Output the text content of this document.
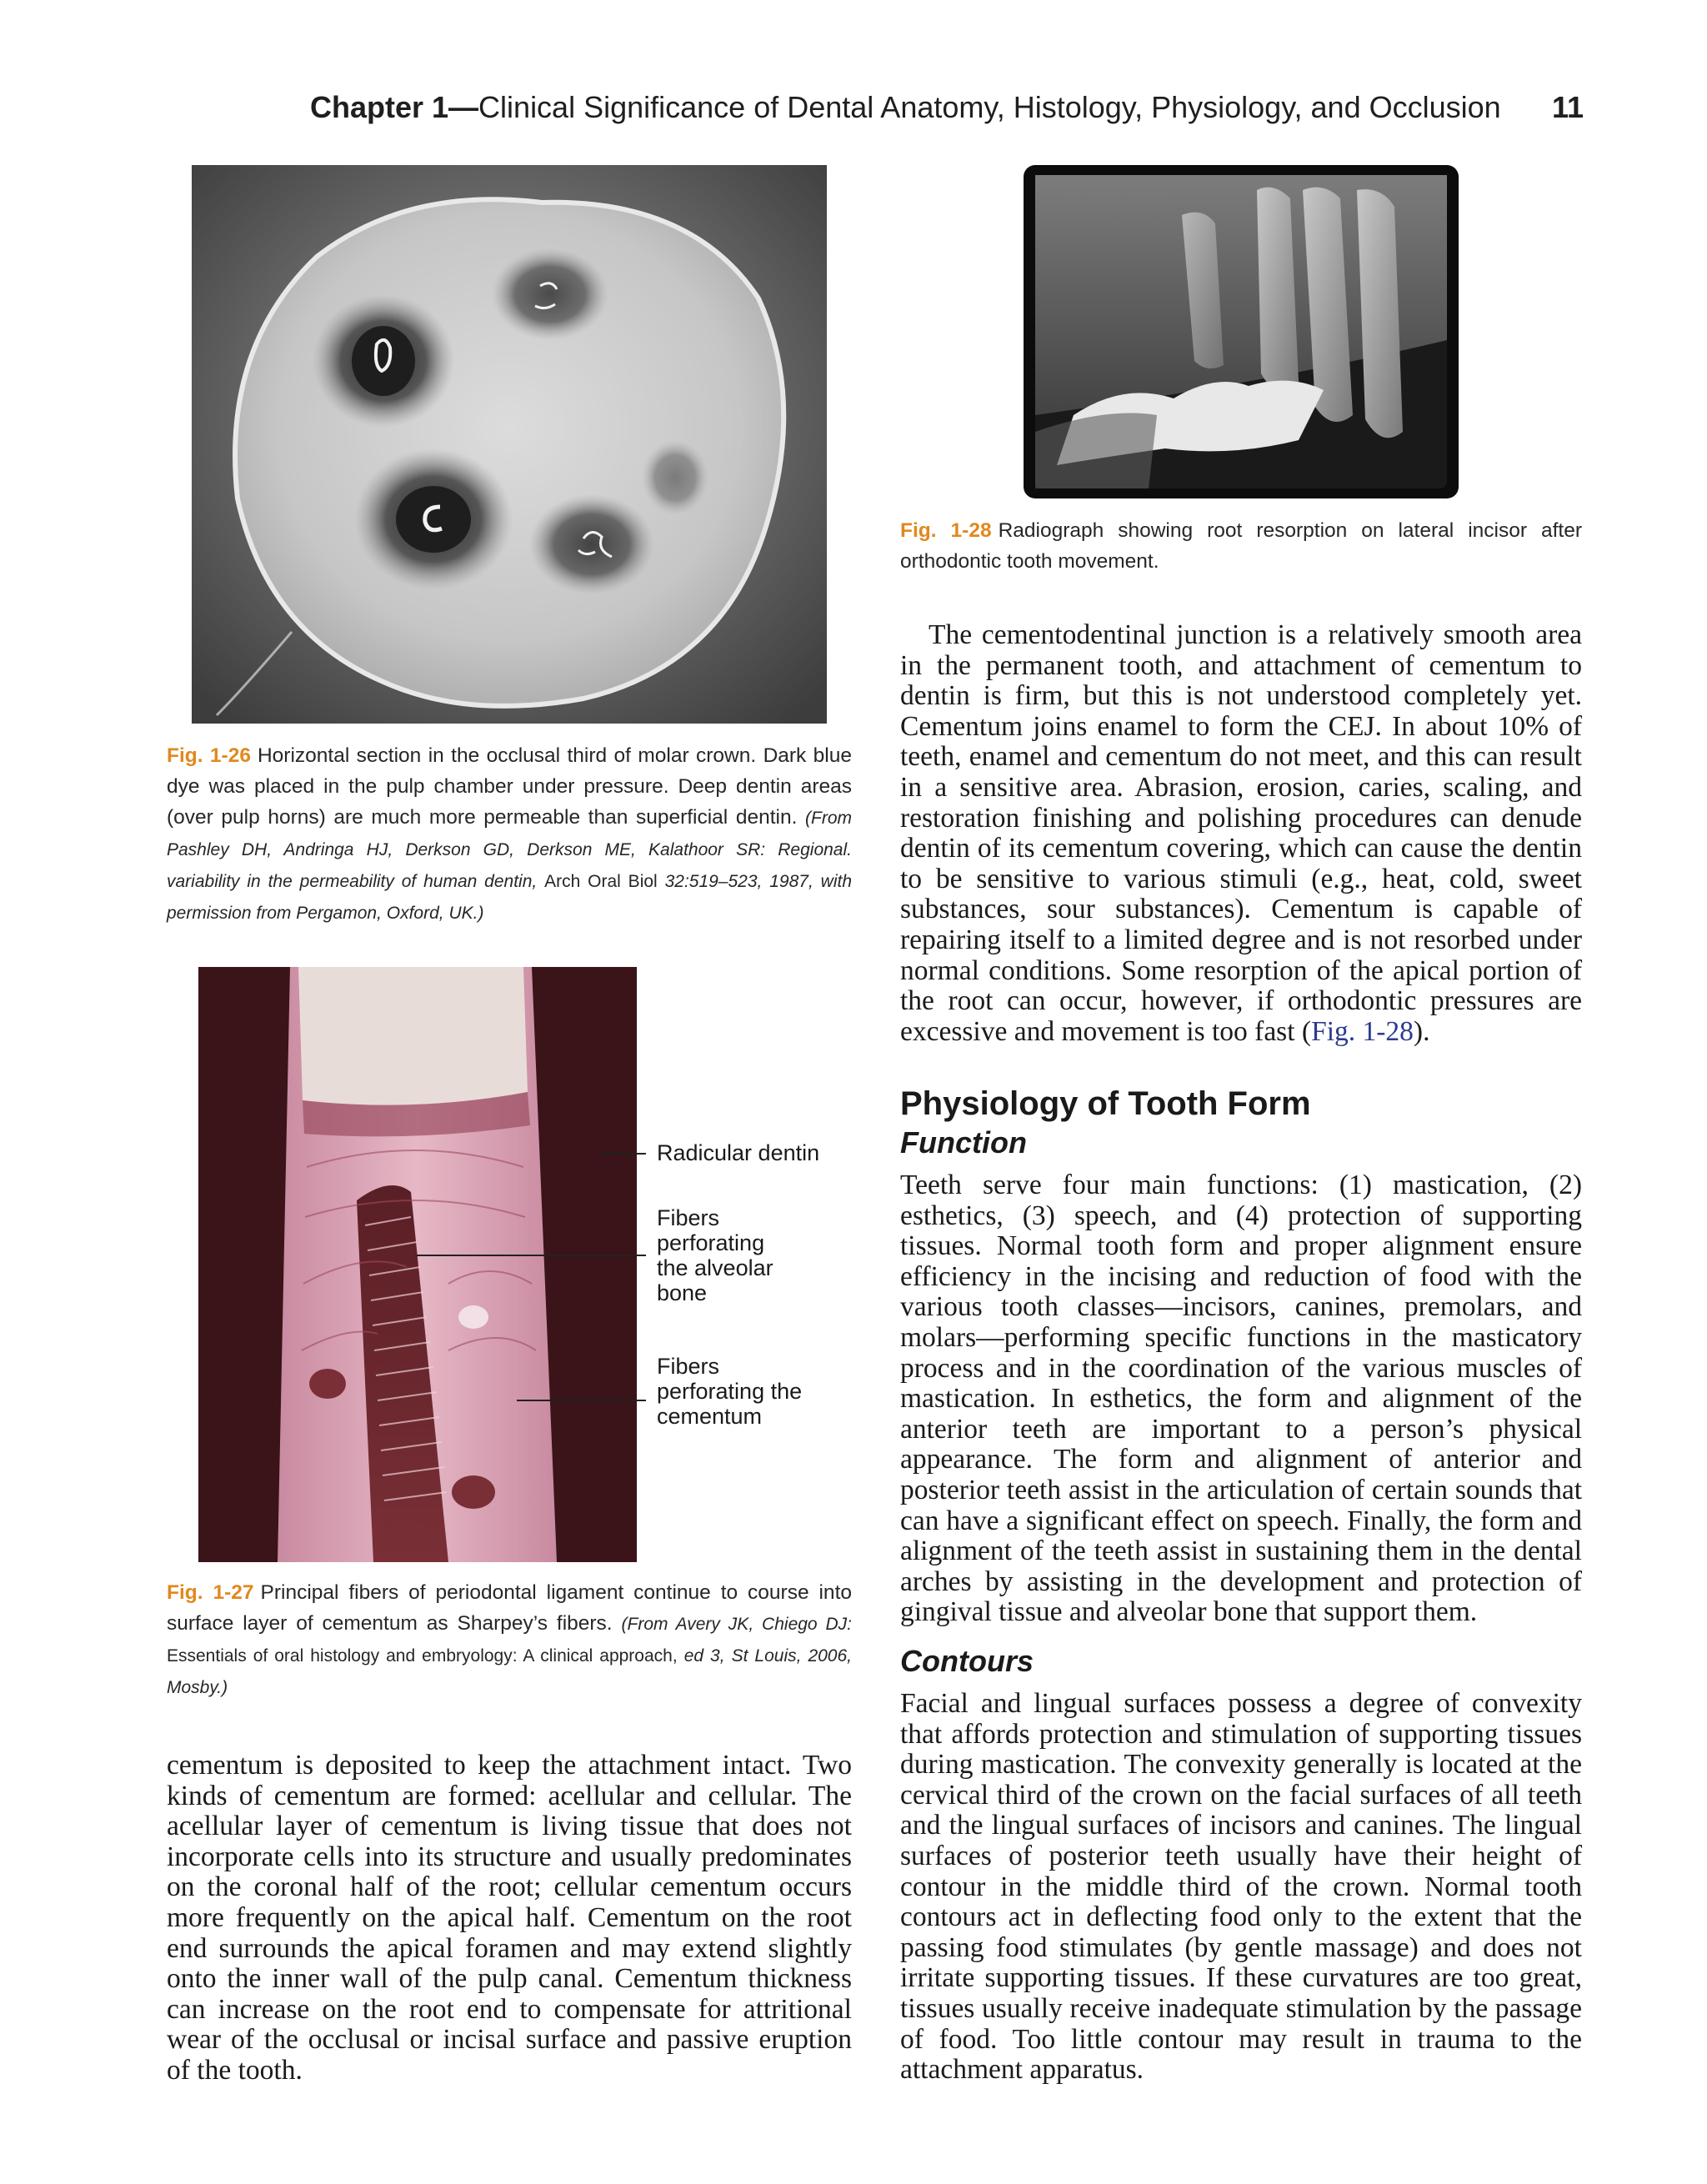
Chapter 1—Clinical Significance of Dental Anatomy, Histology, Physiology, and Occlusion 11
Fig. 1-26 Horizontal section in the occlusal third of molar crown. Dark blue dye was placed in the pulp chamber under pressure. Deep dentin areas (over pulp horns) are much more permeable than superficial dentin. (From Pashley DH, Andringa HJ, Derkson GD, Derkson ME, Kalathoor SR: Regional. variability in the permeability of human dentin, Arch Oral Biol 32:519–523, 1987, with permission from Pergamon, Oxford, UK.)
Fig. 1-28 Radiograph showing root resorption on lateral incisor after orthodontic tooth movement.

The cementodentinal junction is a relatively smooth area in the permanent tooth, and attachment of cementum to dentin is firm, but this is not understood completely yet. Cementum joins enamel to form the CEJ. In about 10% of teeth, enamel and cementum do not meet, and this can result in a sensitive area. Abrasion, erosion, caries, scaling, and restoration finishing and polishing procedures can denude dentin of its cementum covering, which can cause the dentin to be sensitive to various stimuli (e.g., heat, cold, sweet substances, sour substances). Cementum is capable of repairing itself to a limited degree and is not resorbed under normal conditions. Some resorption of the apical portion of the root can occur, however, if orthodontic pressures are excessive and movement is too fast (Fig. 1-28).

Physiology of Tooth Form
Function

Teeth serve four main functions: (1) mastication, (2) esthetics, (3) speech, and (4) protection of supporting tissues. Normal tooth form and proper alignment ensure efficiency in the incising and reduction of food with the various tooth classes—incisors, canines, premolars, and molars—performing specific functions in the masticatory process and in the coordination of the various muscles of mastication. In esthetics, the form and alignment of the anterior teeth are important to a person’s physical appearance. The form and alignment of anterior and posterior teeth assist in the articulation of certain sounds that can have a significant effect on speech. Finally, the form and alignment of the teeth assist in sustaining them in the dental arches by assisting in the development and protection of gingival tissue and alveolar bone that support them.

Contours

Facial and lingual surfaces possess a degree of convexity that affords protection and stimulation of supporting tissues during mastication. The convexity generally is located at the cervical third of the crown on the facial surfaces of all teeth and the lingual surfaces of incisors and canines. The lingual surfaces of posterior teeth usually have their height of contour in the middle third of the crown. Normal tooth contours act in deflecting food only to the extent that the passing food stimulates (by gentle massage) and does not irritate supporting tissues. If these curvatures are too great, tissues usually receive inadequate stimulation by the passage of food. Too little contour may result in trauma to the attachment apparatus.

Radicular dentin
Fibers perforating the alveolar bone
Fibers perforating the cementum
Fig. 1-27 Principal fibers of periodontal ligament continue to course into surface layer of cementum as Sharpey’s fibers. (From Avery JK, Chiego DJ: Essentials of oral histology and embryology: A clinical approach, ed 3, St Louis, 2006, Mosby.)

cementum is deposited to keep the attachment intact. Two kinds of cementum are formed: acellular and cellular. The acellular layer of cementum is living tissue that does not incorporate cells into its structure and usually predominates on the coronal half of the root; cellular cementum occurs more frequently on the apical half. Cementum on the root end surrounds the apical foramen and may extend slightly onto the inner wall of the pulp canal. Cementum thickness can increase on the root end to compensate for attritional wear of the occlusal or incisal surface and passive eruption of the tooth.
